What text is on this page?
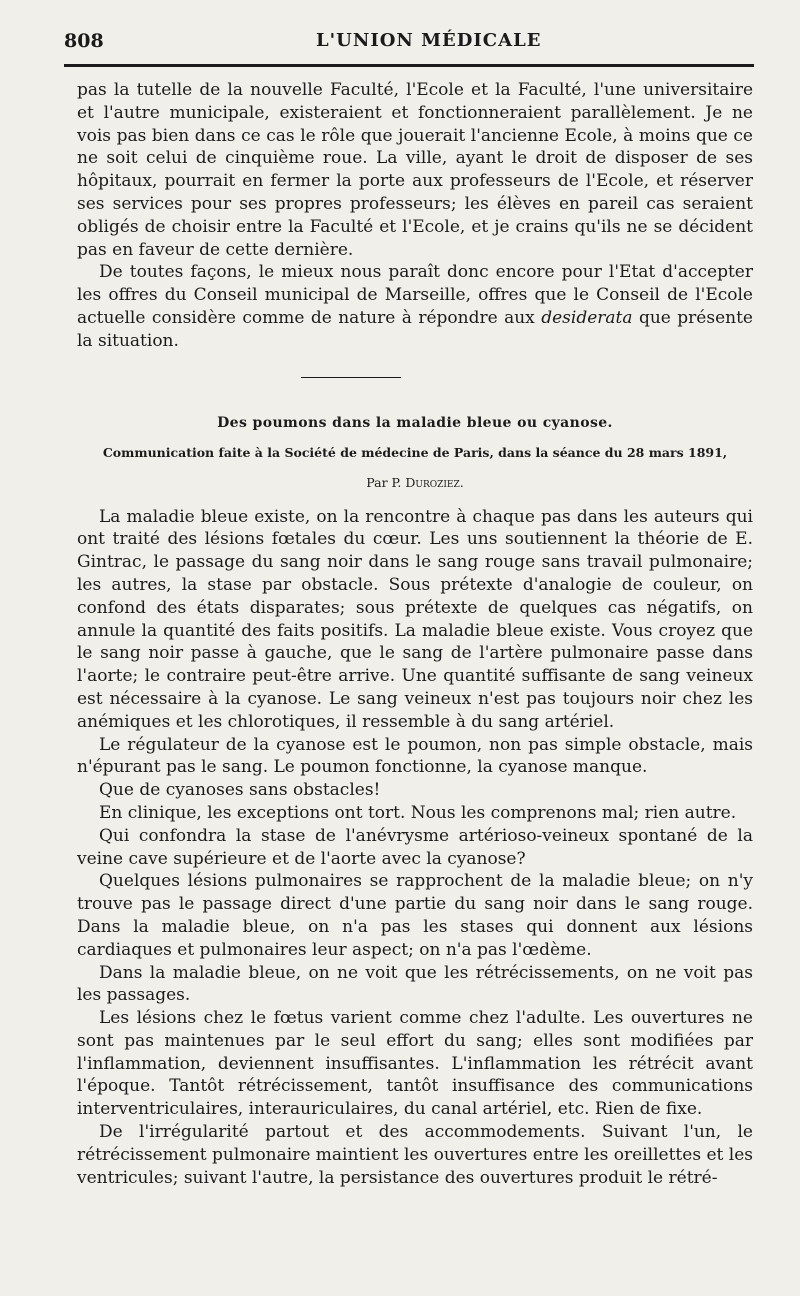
808	L'UNION MÉDICALE

pas la tutelle de la nouvelle Faculté, l'Ecole et la Faculté, l'une universitaire et l'autre municipale, existeraient et fonctionneraient parallèlement. Je ne vois pas bien dans ce cas le rôle que jouerait l'ancienne Ecole, à moins que ce ne soit celui de cinquième roue. La ville, ayant le droit de disposer de ses hôpitaux, pourrait en fermer la porte aux professeurs de l'Ecole, et réserver ses services pour ses propres professeurs; les élèves en pareil cas seraient obligés de choisir entre la Faculté et l'Ecole, et je crains qu'ils ne se décident pas en faveur de cette dernière.

De toutes façons, le mieux nous paraît donc encore pour l'Etat d'accepter les offres du Conseil municipal de Marseille, offres que le Conseil de l'Ecole actuelle considère comme de nature à répondre aux desiderata que présente la situation.

Des poumons dans la maladie bleue ou cyanose.
Communication faite à la Société de médecine de Paris, dans la séance du 28 mars 1891,
Par P. Duroziez.

La maladie bleue existe, on la rencontre à chaque pas dans les auteurs qui ont traité des lésions fœtales du cœur. Les uns soutiennent la théorie de E. Gintrac, le passage du sang noir dans le sang rouge sans travail pulmonaire; les autres, la stase par obstacle. Sous prétexte d'analogie de couleur, on confond des états disparates; sous prétexte de quelques cas négatifs, on annule la quantité des faits positifs. La maladie bleue existe. Vous croyez que le sang noir passe à gauche, que le sang de l'artère pulmonaire passe dans l'aorte; le contraire peut-être arrive. Une quantité suffisante de sang veineux est nécessaire à la cyanose. Le sang veineux n'est pas toujours noir chez les anémiques et les chlorotiques, il ressemble à du sang artériel.

Le régulateur de la cyanose est le poumon, non pas simple obstacle, mais n'épurant pas le sang. Le poumon fonctionne, la cyanose manque.

Que de cyanoses sans obstacles!

En clinique, les exceptions ont tort. Nous les comprenons mal; rien autre.

Qui confondra la stase de l'anévrysme artérioso-veineux spontané de la veine cave supérieure et de l'aorte avec la cyanose?

Quelques lésions pulmonaires se rapprochent de la maladie bleue; on n'y trouve pas le passage direct d'une partie du sang noir dans le sang rouge. Dans la maladie bleue, on n'a pas les stases qui donnent aux lésions cardiaques et pulmonaires leur aspect; on n'a pas l'œdème.

Dans la maladie bleue, on ne voit que les rétrécissements, on ne voit pas les passages.

Les lésions chez le fœtus varient comme chez l'adulte. Les ouvertures ne sont pas maintenues par le seul effort du sang; elles sont modifiées par l'inflammation, deviennent insuffisantes. L'inflammation les rétrécit avant l'époque. Tantôt rétrécissement, tantôt insuffisance des communications interventriculaires, interauriculaires, du canal artériel, etc. Rien de fixe.

De l'irrégularité partout et des accommodements. Suivant l'un, le rétrécissement pulmonaire maintient les ouvertures entre les oreillettes et les ventricules; suivant l'autre, la persistance des ouvertures produit le rétré-
